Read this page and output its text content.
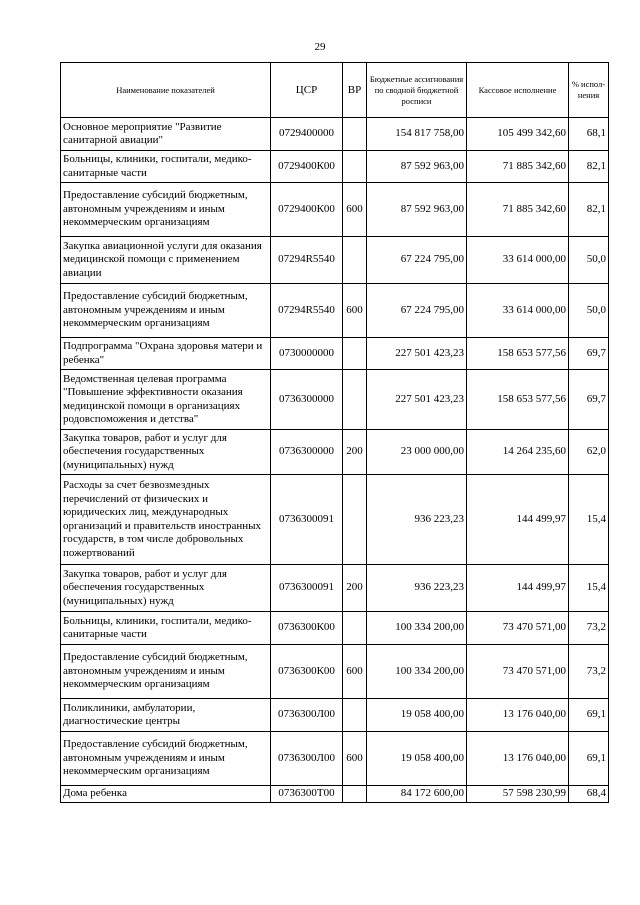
29
Наименование показателей	ЦСР	ВР	Бюджетные ассигнования по сводной бюджетной росписи	Кассовое исполнение	% испол-нения
Основное мероприятие "Развитие санитарной авиации"	0729400000		154 817 758,00	105 499 342,60	68,1
Больницы, клиники, госпитали, медико-санитарные части	0729400К00		87 592 963,00	71 885 342,60	82,1
Предоставление субсидий бюджетным, автономным учреждениям и иным некоммерческим организациям	0729400К00	600	87 592 963,00	71 885 342,60	82,1
Закупка авиационной услуги для оказания медицинской помощи с применением авиации	07294R5540		67 224 795,00	33 614 000,00	50,0
Предоставление субсидий бюджетным, автономным учреждениям и иным некоммерческим организациям	07294R5540	600	67 224 795,00	33 614 000,00	50,0
Подпрограмма "Охрана здоровья матери и ребенка"	0730000000		227 501 423,23	158 653 577,56	69,7
Ведомственная целевая программа "Повышение эффективности оказания медицинской помощи в организациях родовспоможения и детства"	0736300000		227 501 423,23	158 653 577,56	69,7
Закупка товаров, работ и услуг для обеспечения государственных (муниципальных) нужд	0736300000	200	23 000 000,00	14 264 235,60	62,0
Расходы за счет безвозмездных перечислений от физических и юридических лиц, международных организаций и правительств иностранных государств, в том числе добровольных пожертвований	0736300091		936 223,23	144 499,97	15,4
Закупка товаров, работ и услуг для обеспечения государственных (муниципальных) нужд	0736300091	200	936 223,23	144 499,97	15,4
Больницы, клиники, госпитали, медико-санитарные части	0736300К00		100 334 200,00	73 470 571,00	73,2
Предоставление субсидий бюджетным, автономным учреждениям и иным некоммерческим организациям	0736300К00	600	100 334 200,00	73 470 571,00	73,2
Поликлиники, амбулатории, диагностические центры	0736300Л00		19 058 400,00	13 176 040,00	69,1
Предоставление субсидий бюджетным, автономным учреждениям и иным некоммерческим организациям	0736300Л00	600	19 058 400,00	13 176 040,00	69,1
Дома ребенка	0736300Т00		84 172 600,00	57 598 230,99	68,4
